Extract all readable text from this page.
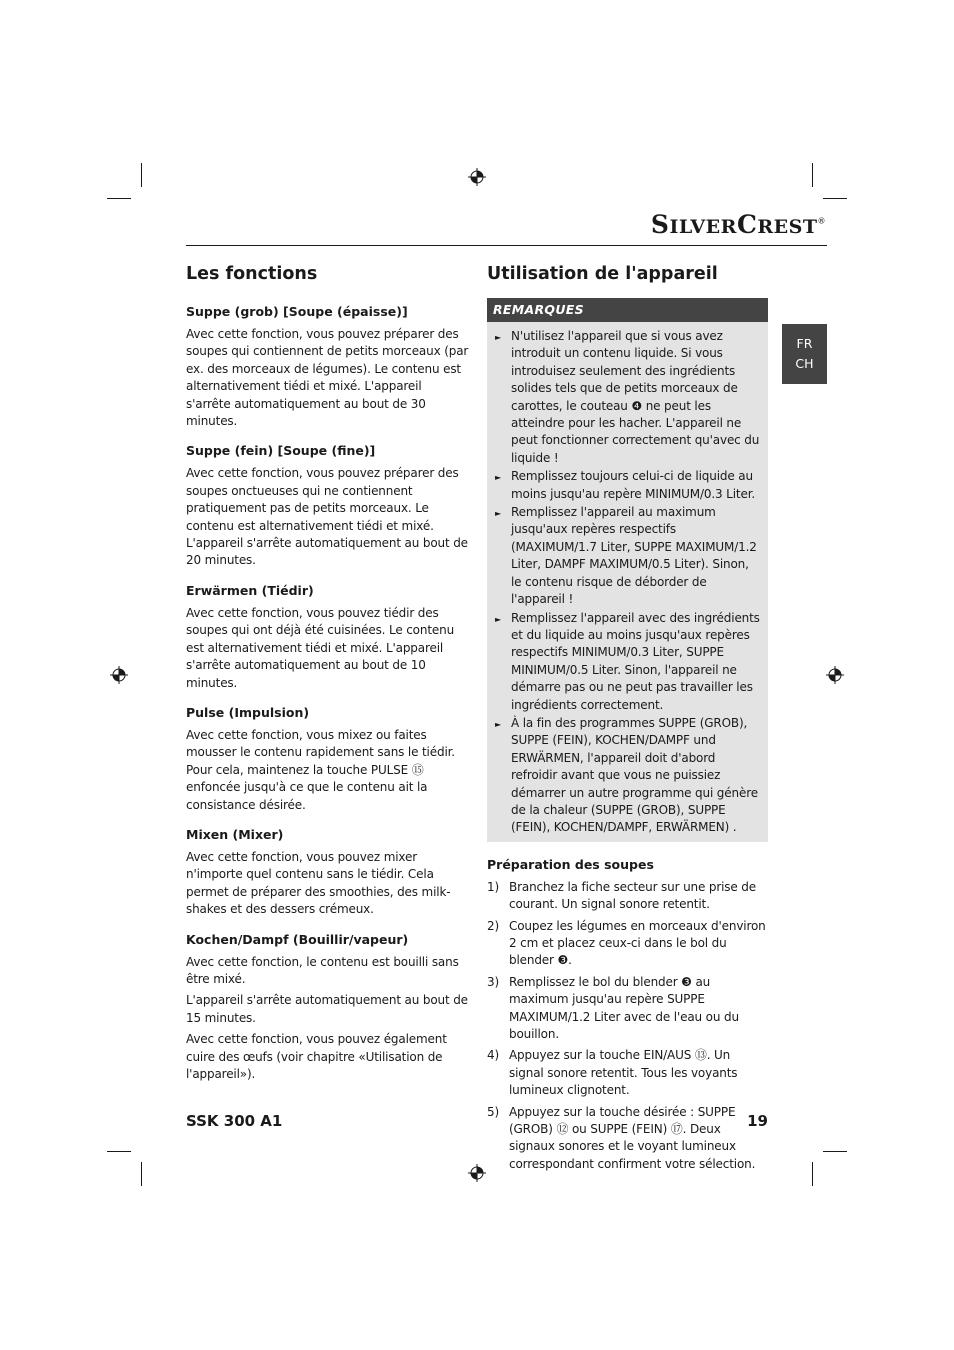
SILVERCREST®
Les fonctions
Suppe (grob) [Soupe (épaisse)]

Avec cette fonction, vous pouvez préparer des soupes qui contiennent de petits morceaux (par ex. des morceaux de légumes). Le contenu est alternativement tiédi et mixé. L'appareil s'arrête automatiquement au bout de 30 minutes.

Suppe (fein) [Soupe (fine)]

Avec cette fonction, vous pouvez préparer des soupes onctueuses qui ne contiennent pratiquement pas de petits morceaux. Le contenu est alternativement tiédi et mixé. L'appareil s'arrête automatiquement au bout de 20 minutes.

Erwärmen (Tiédir)

Avec cette fonction, vous pouvez tiédir des soupes qui ont déjà été cuisinées. Le contenu est alternativement tiédi et mixé. L'appareil s'arrête automatiquement au bout de 10 minutes.

Pulse (Impulsion)

Avec cette fonction, vous mixez ou faites mousser le contenu rapidement sans le tiédir. Pour cela, maintenez la touche PULSE ⑮ enfoncée jusqu'à ce que le contenu ait la consistance désirée.

Mixen (Mixer)

Avec cette fonction, vous pouvez mixer n'importe quel contenu sans le tiédir. Cela permet de préparer des smoothies, des milk-shakes et des dessers crémeux.

Kochen/Dampf (Bouillir/vapeur)

Avec cette fonction, le contenu est bouilli sans être mixé.

L'appareil s'arrête automatiquement au bout de 15 minutes.

Avec cette fonction, vous pouvez également cuire des œufs (voir chapitre «Utilisation de l'appareil»).

Utilisation de l'appareil
REMARQUES
► N'utilisez l'appareil que si vous avez introduit un contenu liquide. Si vous introduisez seulement des ingrédients solides tels que de petits morceaux de carottes, le couteau ❹ ne peut les atteindre pour les hacher. L'appareil ne peut fonctionner correctement qu'avec du liquide !
► Remplissez toujours celui-ci de liquide au moins jusqu'au repère MINIMUM/0.3 Liter.
► Remplissez l'appareil au maximum jusqu'aux repères respectifs (MAXIMUM/1.7 Liter, SUPPE MAXIMUM/1.2 Liter, DAMPF MAXIMUM/0.5 Liter). Sinon, le contenu risque de déborder de l'appareil !
► Remplissez l'appareil avec des ingrédients et du liquide au moins jusqu'aux repères respectifs MINIMUM/0.3 Liter, SUPPE MINIMUM/0.5 Liter. Sinon, l'appareil ne démarre pas ou ne peut pas travailler les ingrédients correctement.
► À la fin des programmes SUPPE (GROB), SUPPE (FEIN), KOCHEN/DAMPF und ERWÄRMEN, l'appareil doit d'abord refroidir avant que vous ne puissiez démarrer un autre programme qui génère de la chaleur (SUPPE (GROB), SUPPE (FEIN), KOCHEN/DAMPF, ERWÄRMEN) .
Préparation des soupes
1) Branchez la fiche secteur sur une prise de courant. Un signal sonore retentit.
2) Coupez les légumes en morceaux d'environ 2 cm et placez ceux-ci dans le bol du blender ❸.
3) Remplissez le bol du blender ❸ au maximum jusqu'au repère SUPPE MAXIMUM/1.2 Liter avec de l'eau ou du bouillon.
4) Appuyez sur la touche EIN/AUS ⑬. Un signal sonore retentit. Tous les voyants lumineux clignotent.
5) Appuyez sur la touche désirée : SUPPE (GROB) ⑫ ou SUPPE (FEIN) ⑰. Deux signaux sonores et le voyant lumineux correspondant confirment votre sélection.
FR
CH
SSK 300 A1	19
